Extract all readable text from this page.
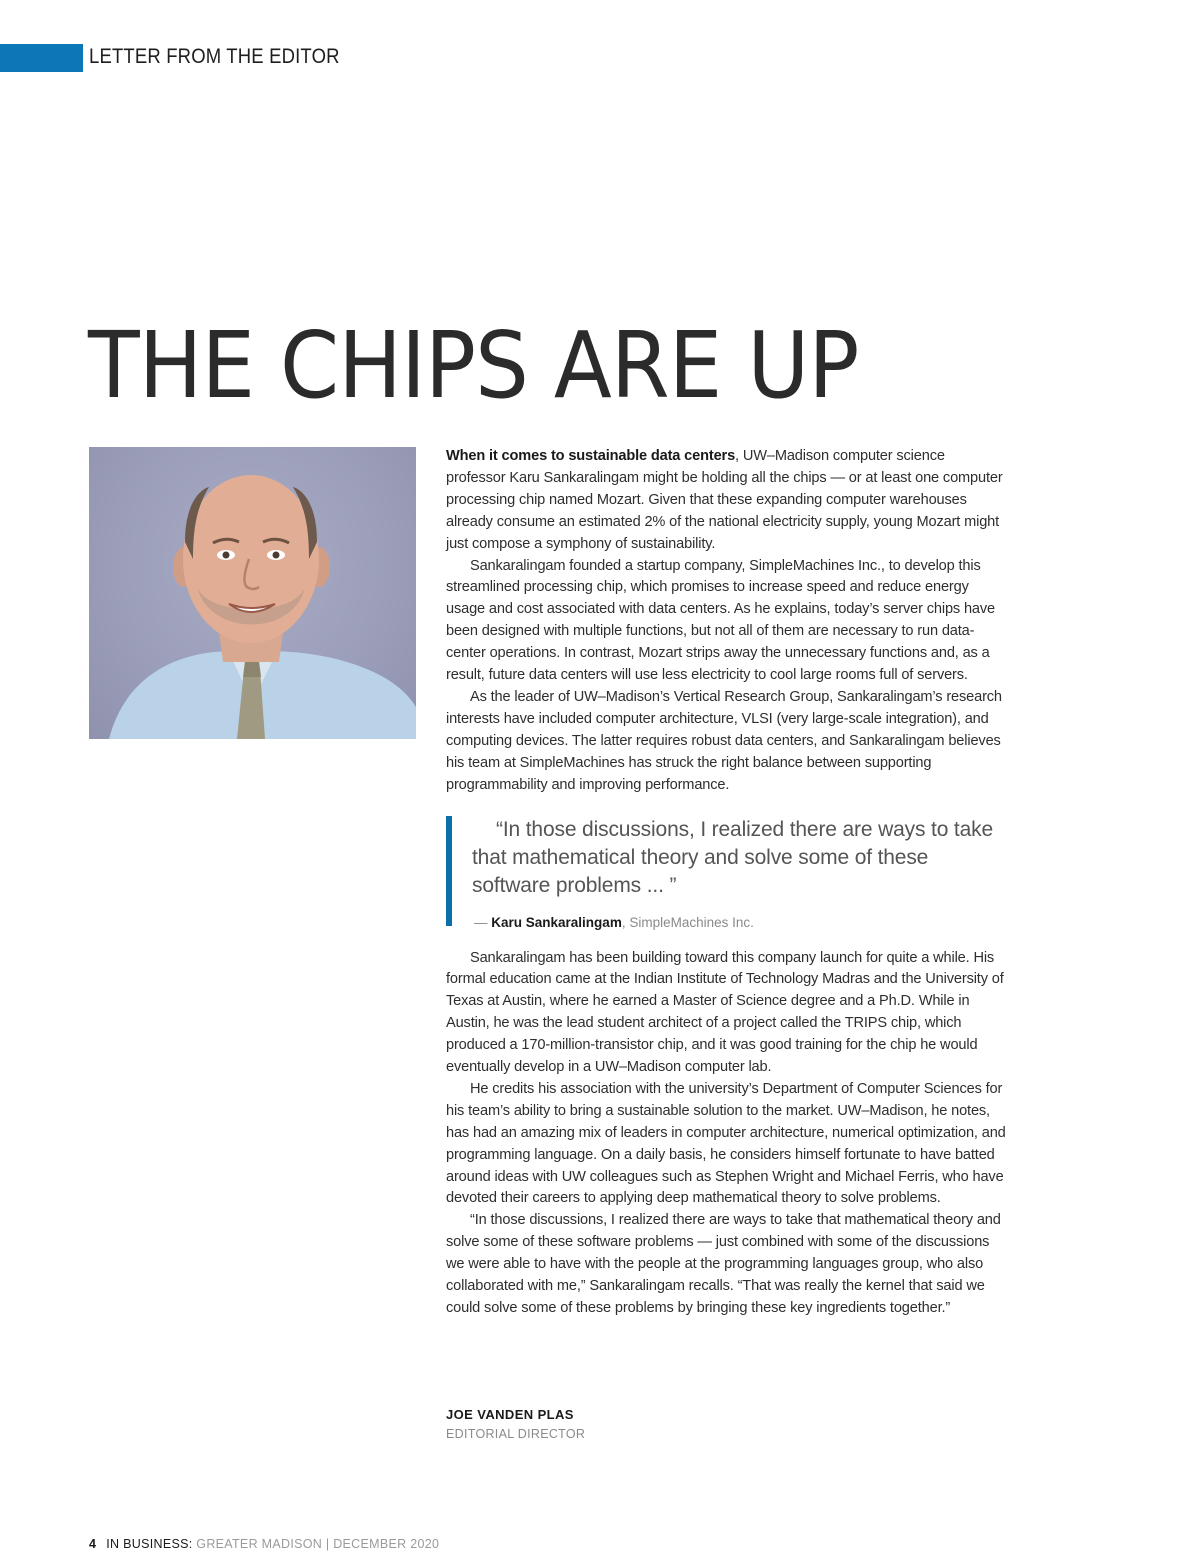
LETTER FROM THE EDITOR
THE CHIPS ARE UP

When it comes to sustainable data centers, UW–Madison computer science professor Karu Sankaralingam might be holding all the chips — or at least one computer processing chip named Mozart. Given that these expanding computer warehouses already consume an estimated 2% of the national electricity supply, young Mozart might just compose a symphony of sustainability.

Sankaralingam founded a startup company, SimpleMachines Inc., to develop this streamlined processing chip, which promises to increase speed and reduce energy usage and cost associated with data centers. As he explains, today’s server chips have been designed with multiple functions, but not all of them are necessary to run data-center operations. In contrast, Mozart strips away the unnecessary functions and, as a result, future data centers will use less electricity to cool large rooms full of servers.

As the leader of UW–Madison’s Vertical Research Group, Sankaralingam’s research interests have included computer architecture, VLSI (very large-scale integration), and computing devices. The latter requires robust data centers, and Sankaralingam believes his team at SimpleMachines has struck the right balance between supporting programmability and improving performance.

“In those discussions, I realized there are ways to take that mathematical theory and solve some of these software problems ... ”

— Karu Sankaralingam, SimpleMachines Inc.

Sankaralingam has been building toward this company launch for quite a while. His formal education came at the Indian Institute of Technology Madras and the University of Texas at Austin, where he earned a Master of Science degree and a Ph.D. While in Austin, he was the lead student architect of a project called the TRIPS chip, which produced a 170-million-transistor chip, and it was good training for the chip he would eventually develop in a UW–Madison computer lab.

He credits his association with the university’s Department of Computer Sciences for his team’s ability to bring a sustainable solution to the market. UW–Madison, he notes, has had an amazing mix of leaders in computer architecture, numerical optimization, and programming language. On a daily basis, he considers himself fortunate to have batted around ideas with UW colleagues such as Stephen Wright and Michael Ferris, who have devoted their careers to applying deep mathematical theory to solve problems.

“In those discussions, I realized there are ways to take that mathematical theory and solve some of these software problems — just combined with some of the discussions we were able to have with the people at the programming languages group, who also collaborated with me,” Sankaralingam recalls. “That was really the kernel that said we could solve some of these problems by bringing these key ingredients together.”

JOE VANDEN PLAS
EDITORIAL DIRECTOR
4 IN BUSINESS: GREATER MADISON | DECEMBER 2020
